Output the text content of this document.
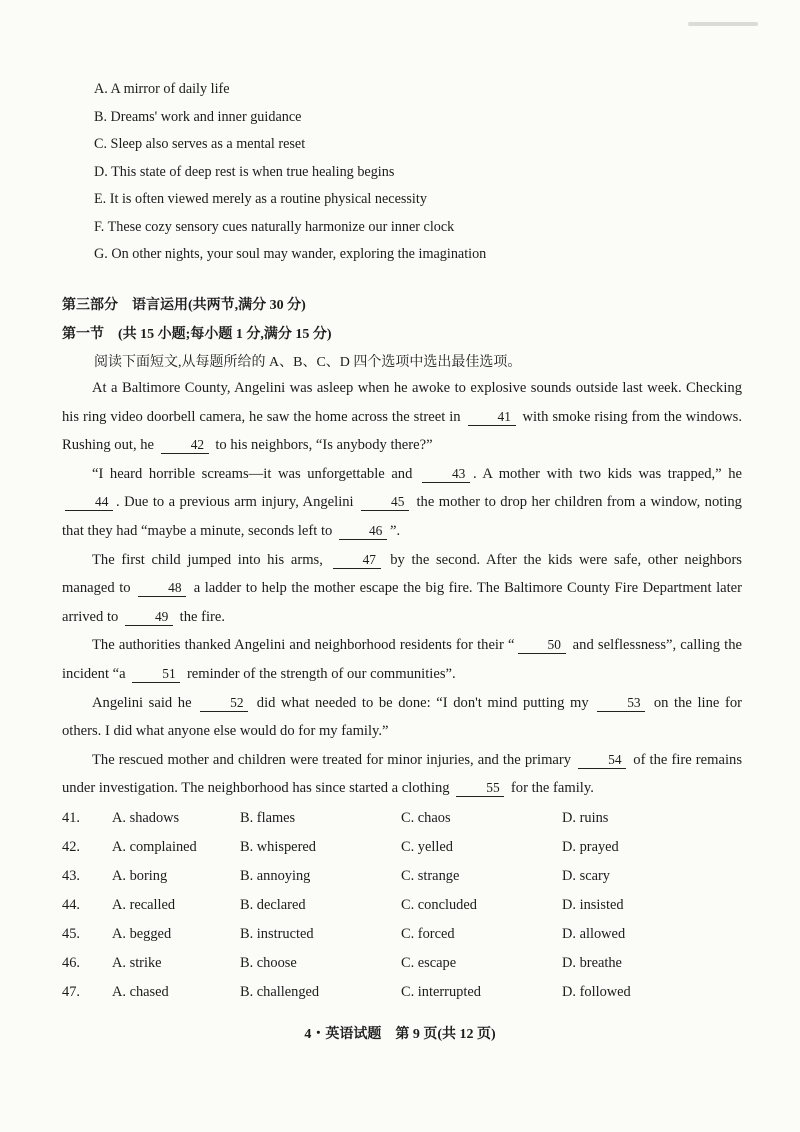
A. A mirror of daily life
B. Dreams' work and inner guidance
C. Sleep also serves as a mental reset
D. This state of deep rest is when true healing begins
E. It is often viewed merely as a routine physical necessity
F. These cozy sensory cues naturally harmonize our inner clock
G. On other nights, your soul may wander, exploring the imagination
第三部分　语言运用(共两节,满分 30 分)
第一节　(共 15 小题;每小题 1 分,满分 15 分)
阅读下面短文,从每题所给的 A、B、C、D 四个选项中选出最佳选项。

At a Baltimore County, Angelini was asleep when he awoke to explosive sounds outside last week. Checking his ring video doorbell camera, he saw the home across the street in	41 with smoke rising from the windows. Rushing out, he	42 to his neighbors, “Is anybody there?”

“I heard horrible screams—it was unforgettable and	43 . A mother with two kids was trapped,” he 44 . Due to a previous arm injury, Angelini	45 the mother to drop her children from a window, noting that they had “maybe a minute, seconds left to	46 ”.

The first child jumped into his arms,	47 by the second. After the kids were safe, other neighbors managed to	48 a ladder to help the mother escape the big fire. The Baltimore County Fire Department later arrived to	49 the fire.

The authorities thanked Angelini and neighborhood residents for their “ 50 and selflessness”, calling the incident “a	51 reminder of the strength of our communities”.

Angelini said he	52 did what needed to be done: “I don't mind putting my	53 on the line for others. I did what anyone else would do for my family.”

The rescued mother and children were treated for minor injuries, and the primary	54 of the fire remains under investigation. The neighborhood has since started a clothing	55 for the family.

41. A. shadows	B. flames	C. chaos	D. ruins
42. A. complained	B. whispered	C. yelled	D. prayed
43. A. boring	B. annoying	C. strange	D. scary
44. A. recalled	B. declared	C. concluded	D. insisted
45. A. begged	B. instructed	C. forced	D. allowed
46. A. strike	B. choose	C. escape	D. breathe
47. A. chased	B. challenged	C. interrupted	D. followed
4・英语试题　第 9 页(共 12 页)
